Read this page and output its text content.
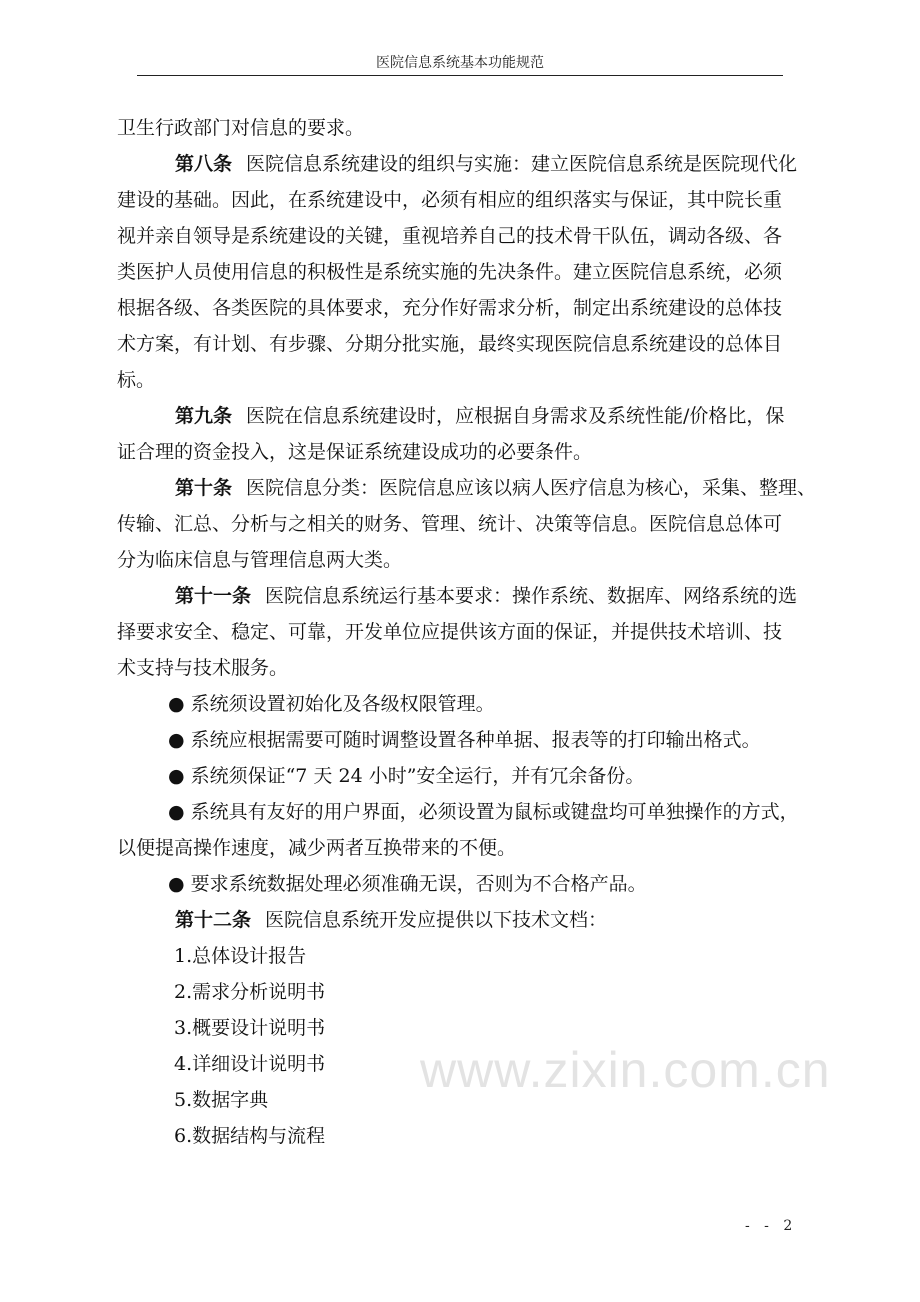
医院信息系统基本功能规范
www.zixin.com.cn
卫生行政部门对信息的要求。
第八条 医院信息系统建设的组织与实施：建立医院信息系统是医院现代化
建设的基础。因此，在系统建设中，必须有相应的组织落实与保证，其中院长重
视并亲自领导是系统建设的关键，重视培养自己的技术骨干队伍，调动各级、各
类医护人员使用信息的积极性是系统实施的先决条件。建立医院信息系统，必须
根据各级、各类医院的具体要求，充分作好需求分析，制定出系统建设的总体技
术方案，有计划、有步骤、分期分批实施，最终实现医院信息系统建设的总体目
标。
第九条 医院在信息系统建设时，应根据自身需求及系统性能/价格比，保
证合理的资金投入，这是保证系统建设成功的必要条件。
第十条 医院信息分类：医院信息应该以病人医疗信息为核心，采集、整理、
传输、汇总、分析与之相关的财务、管理、统计、决策等信息。医院信息总体可
分为临床信息与管理信息两大类。
第十一条 医院信息系统运行基本要求：操作系统、数据库、网络系统的选
择要求安全、稳定、可靠，开发单位应提供该方面的保证，并提供技术培训、技
术支持与技术服务。
● 系统须设置初始化及各级权限管理。
● 系统应根据需要可随时调整设置各种单据、报表等的打印输出格式。
● 系统须保证“7 天 24 小时”安全运行，并有冗余备份。
● 系统具有友好的用户界面，必须设置为鼠标或键盘均可单独操作的方式，
以便提高操作速度，减少两者互换带来的不便。
● 要求系统数据处理必须准确无误，否则为不合格产品。
第十二条 医院信息系统开发应提供以下技术文档：
1.总体设计报告
2.需求分析说明书
3.概要设计说明书
4.详细设计说明书
5.数据字典
6.数据结构与流程
- - 2
